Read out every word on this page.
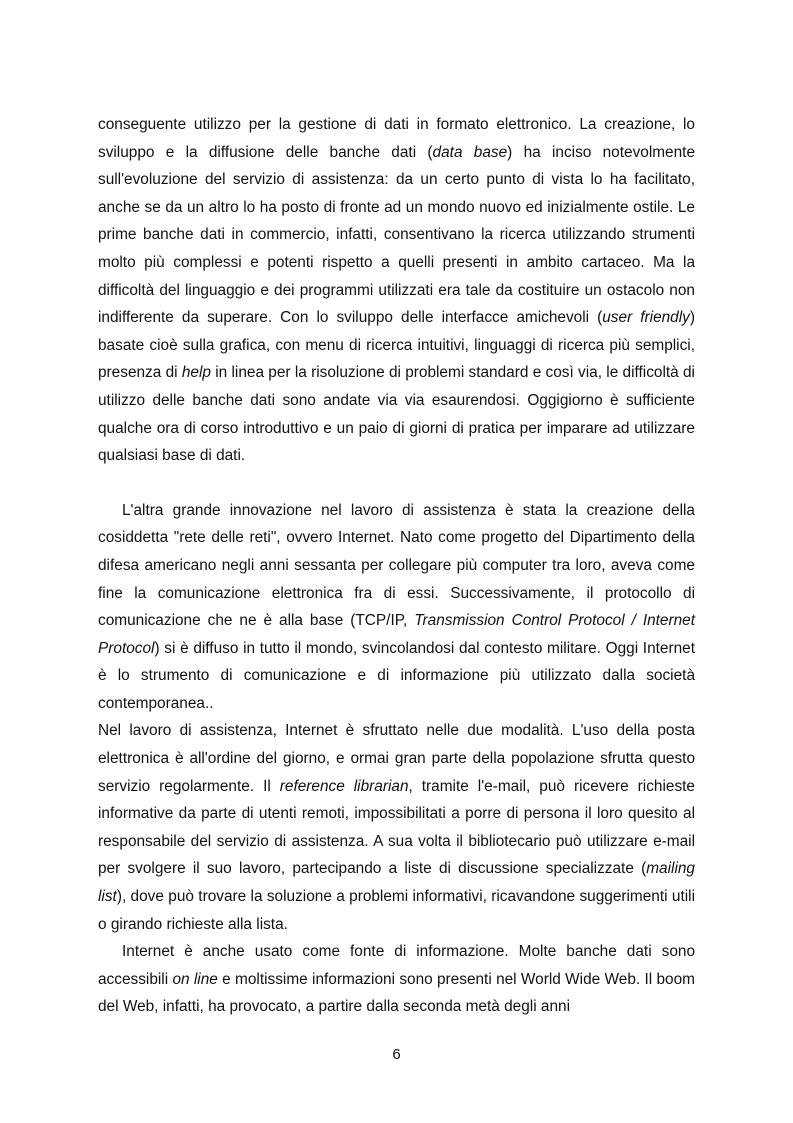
conseguente utilizzo per la gestione di dati in formato elettronico. La creazione, lo sviluppo e la diffusione delle banche dati (data base) ha inciso notevolmente sull'evoluzione del servizio di assistenza: da un certo punto di vista lo ha facilitato, anche se da un altro lo ha posto di fronte ad un mondo nuovo ed inizialmente ostile. Le prime banche dati in commercio, infatti, consentivano la ricerca utilizzando strumenti molto più complessi e potenti rispetto a quelli presenti in ambito cartaceo. Ma la difficoltà del linguaggio e dei programmi utilizzati era tale da costituire un ostacolo non indifferente da superare. Con lo sviluppo delle interfacce amichevoli (user friendly) basate cioè sulla grafica, con menu di ricerca intuitivi, linguaggi di ricerca più semplici, presenza di help in linea per la risoluzione di problemi standard e così via, le difficoltà di utilizzo delle banche dati sono andate via via esaurendosi. Oggigiorno è sufficiente qualche ora di corso introduttivo e un paio di giorni di pratica per imparare ad utilizzare qualsiasi base di dati.

L'altra grande innovazione nel lavoro di assistenza è stata la creazione della cosiddetta "rete delle reti", ovvero Internet. Nato come progetto del Dipartimento della difesa americano negli anni sessanta per collegare più computer tra loro, aveva come fine la comunicazione elettronica fra di essi. Successivamente, il protocollo di comunicazione che ne è alla base (TCP/IP, Transmission Control Protocol / Internet Protocol) si è diffuso in tutto il mondo, svincolandosi dal contesto militare. Oggi Internet è lo strumento di comunicazione e di informazione più utilizzato dalla società contemporanea..

Nel lavoro di assistenza, Internet è sfruttato nelle due modalità. L'uso della posta elettronica è all'ordine del giorno, e ormai gran parte della popolazione sfrutta questo servizio regolarmente. Il reference librarian, tramite l'e-mail, può ricevere richieste informative da parte di utenti remoti, impossibilitati a porre di persona il loro quesito al responsabile del servizio di assistenza. A sua volta il bibliotecario può utilizzare e-mail per svolgere il suo lavoro, partecipando a liste di discussione specializzate (mailing list), dove può trovare la soluzione a problemi informativi, ricavandone suggerimenti utili o girando richieste alla lista.

Internet è anche usato come fonte di informazione. Molte banche dati sono accessibili on line e moltissime informazioni sono presenti nel World Wide Web. Il boom del Web, infatti, ha provocato, a partire dalla seconda metà degli anni

6
